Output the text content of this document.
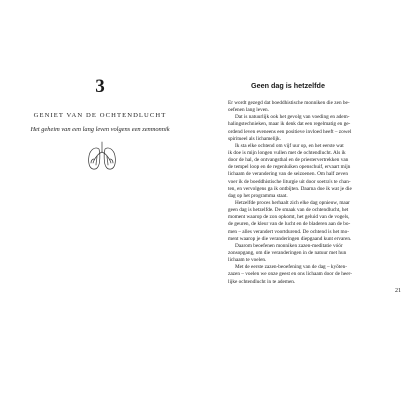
3
GENIET VAN DE OCHTENDLUCHT
Het geheim van een lang leven volgens een zenmonnik
Geen dag is hetzelfde
Er wordt gezegd dat boeddhistische monniken die zen be-
oefenen lang leven.
Dat is natuurlijk ook het gevolg van voeding en adem-
halingstechnieken, maar ik denk dat een regelmatig en ge-
ordend leven eveneens een positieve invloed heeft – zowel
spiritueel als lichamelijk.
Ik sta elke ochtend om vijf uur op, en het eerste wat
ik doe is mijn longen vullen met de ochtendlucht. Als ik
door de hal, de ontvangsthal en de priestervertrekken van
de tempel loop en de regenluiken openschuif, ervaart mijn
lichaam de verandering van de seizoenen. Om half zeven
voer ik de boeddhistische liturgie uit door soetra's te chan-
ten, en vervolgens ga ik ontbijten. Daarna doe ik wat je die
dag op het programma staat.
Hetzelfde proces herhaalt zich elke dag opnieuw, maar
geen dag is hetzelfde. De smaak van de ochtendlucht, het
moment waarop de zon opkomt, het geluid van de vogels,
de geuren, de kleur van de lucht en de bladeren aan de bo-
men – alles verandert voortdurend. De ochtend is het mo-
ment waarop je die veranderingen diepgaand kunt ervaren.
Daarom beoefenen monniken zazen-meditatie vóór
zonsopgang, om die veranderingen in de natuur met hun
lichaam te voelen.
Met de eerste zazen-beoefening van de dag – kyōten-
zazen – voelen we onze geest en ons lichaam door de heer-
lijke ochtendlucht in te ademen.
21
